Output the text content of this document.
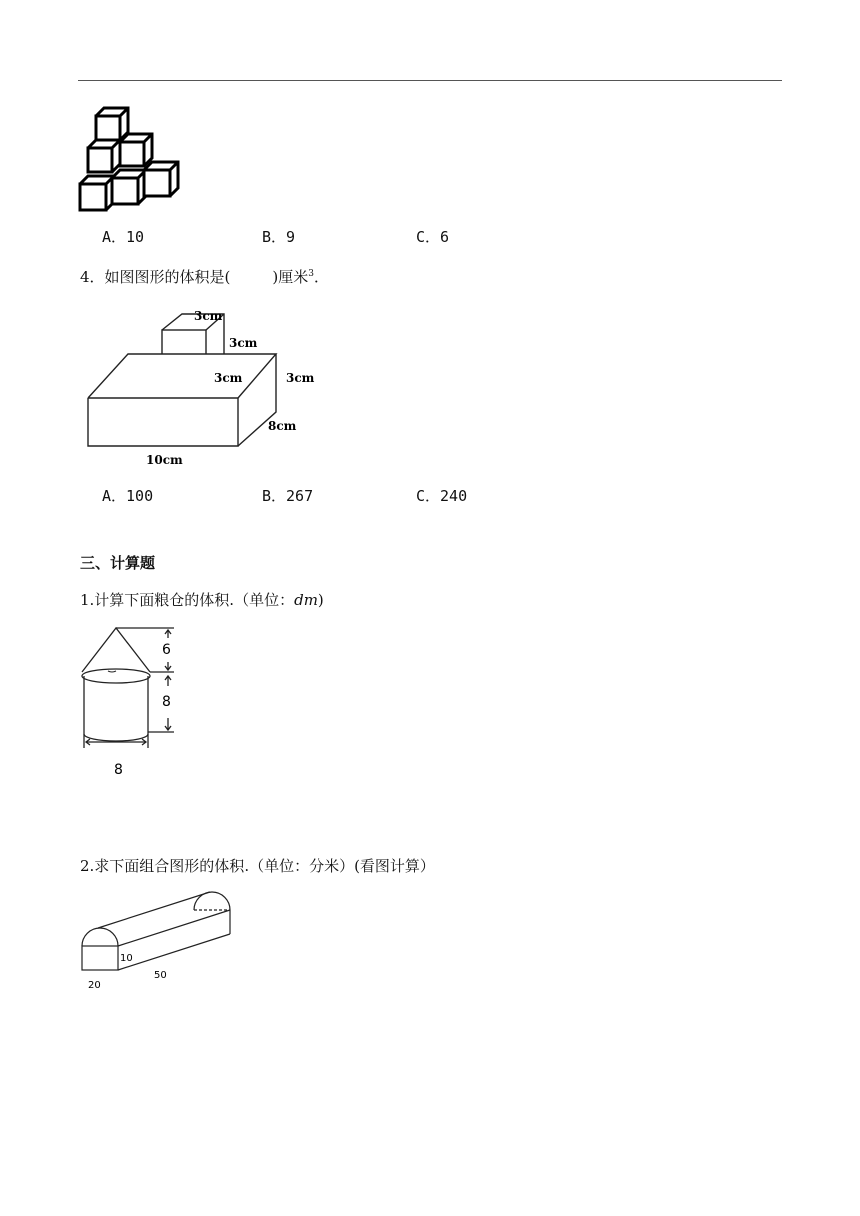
A．10	B．9	C．6
4．如图图形的体积是(	)厘米$^3$．
3cm
3cm
3cm	3cm
8cm
10cm
A．100	B．267	C．240
三、计算题
1.计算下面粮仓的体积.（单位：dm)
6
8
8
2.求下面组合图形的体积.（单位：分米）(看图计算）
10
50
20
